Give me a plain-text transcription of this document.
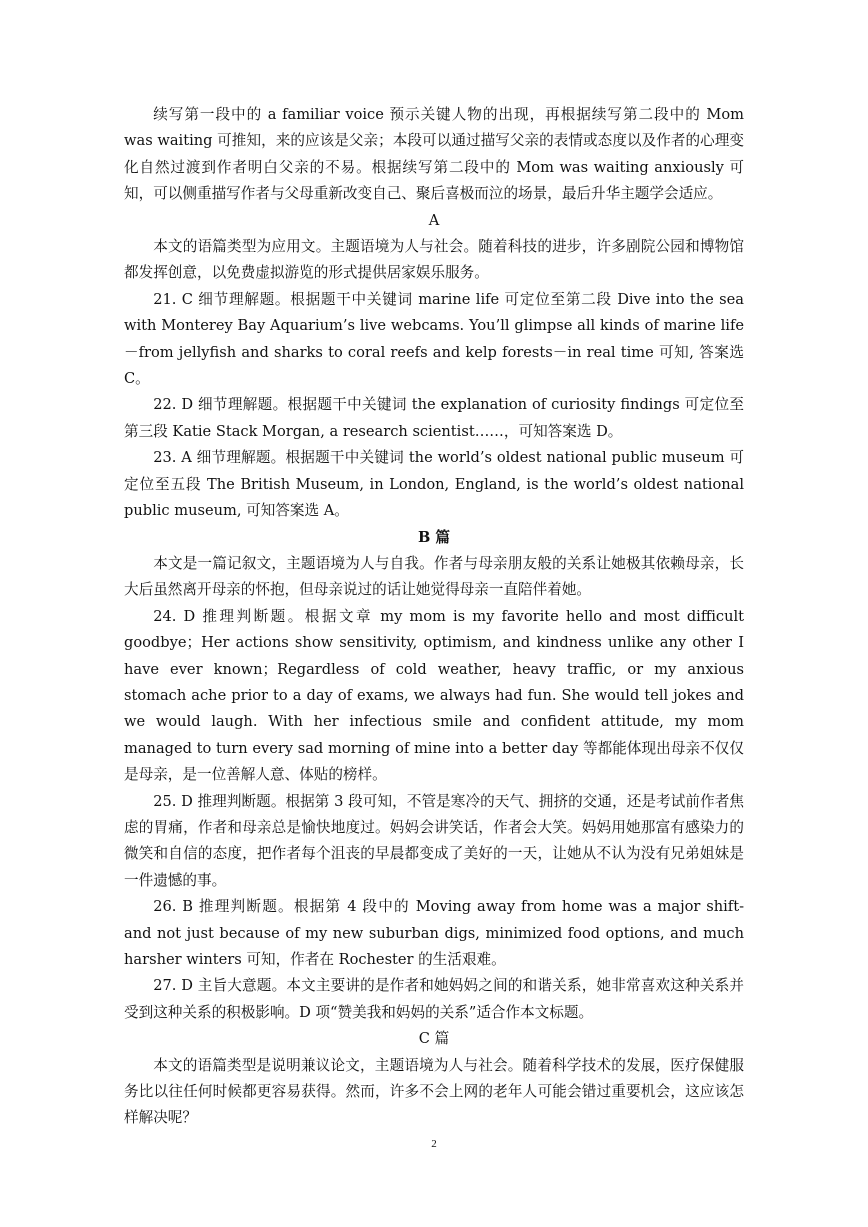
续写第一段中的 a familiar voice 预示关键人物的出现，再根据续写第二段中的 Mom was waiting 可推知，来的应该是父亲；本段可以通过描写父亲的表情或态度以及作者的心理变化自然过渡到作者明白父亲的不易。根据续写第二段中的 Mom was waiting anxiously 可知，可以侧重描写作者与父母重新改变自己、聚后喜极而泣的场景，最后升华主题学会适应。

A

本文的语篇类型为应用文。主题语境为人与社会。随着科技的进步，许多剧院公园和博物馆都发挥创意，以免费虚拟游览的形式提供居家娱乐服务。

21. C 细节理解题。根据题干中关键词 marine life 可定位至第二段 Dive into the sea with Monterey Bay Aquarium’s live webcams. You’ll glimpse all kinds of marine life－from jellyfish and sharks to coral reefs and kelp forests－in real time 可知, 答案选 C。

22. D 细节理解题。根据题干中关键词 the explanation of curiosity findings 可定位至第三段 Katie Stack Morgan, a research scientist……，可知答案选 D。

23. A 细节理解题。根据题干中关键词 the world’s oldest national public museum 可定位至五段 The British Museum, in London, England, is the world’s oldest national public museum, 可知答案选 A。

B 篇

本文是一篇记叙文，主题语境为人与自我。作者与母亲朋友般的关系让她极其依赖母亲，长大后虽然离开母亲的怀抱，但母亲说过的话让她觉得母亲一直陪伴着她。

24. D 推理判断题。根据文章 my mom is my favorite hello and most difficult goodbye；Her actions show sensitivity, optimism, and kindness unlike any other I have ever known；Regardless of cold weather, heavy traffic, or my anxious stomach ache prior to a day of exams, we always had fun. She would tell jokes and we would laugh. With her infectious smile and confident attitude, my mom managed to turn every sad morning of mine into a better day 等都能体现出母亲不仅仅是母亲，是一位善解人意、体贴的榜样。

25. D 推理判断题。根据第 3 段可知，不管是寒冷的天气、拥挤的交通，还是考试前作者焦虑的胃痛，作者和母亲总是愉快地度过。妈妈会讲笑话，作者会大笑。妈妈用她那富有感染力的微笑和自信的态度，把作者每个沮丧的早晨都变成了美好的一天，让她从不认为没有兄弟姐妹是一件遗憾的事。

26. B 推理判断题。根据第 4 段中的 Moving away from home was a major shift- and not just because of my new suburban digs, minimized food options, and much harsher winters 可知，作者在 Rochester 的生活艰难。

27. D 主旨大意题。本文主要讲的是作者和她妈妈之间的和谐关系，她非常喜欢这种关系并受到这种关系的积极影响。D 项“赞美我和妈妈的关系”适合作本文标题。

C 篇

本文的语篇类型是说明兼议论文，主题语境为人与社会。随着科学技术的发展，医疗保健服务比以往任何时候都更容易获得。然而，许多不会上网的老年人可能会错过重要机会，这应该怎样解决呢？

2
